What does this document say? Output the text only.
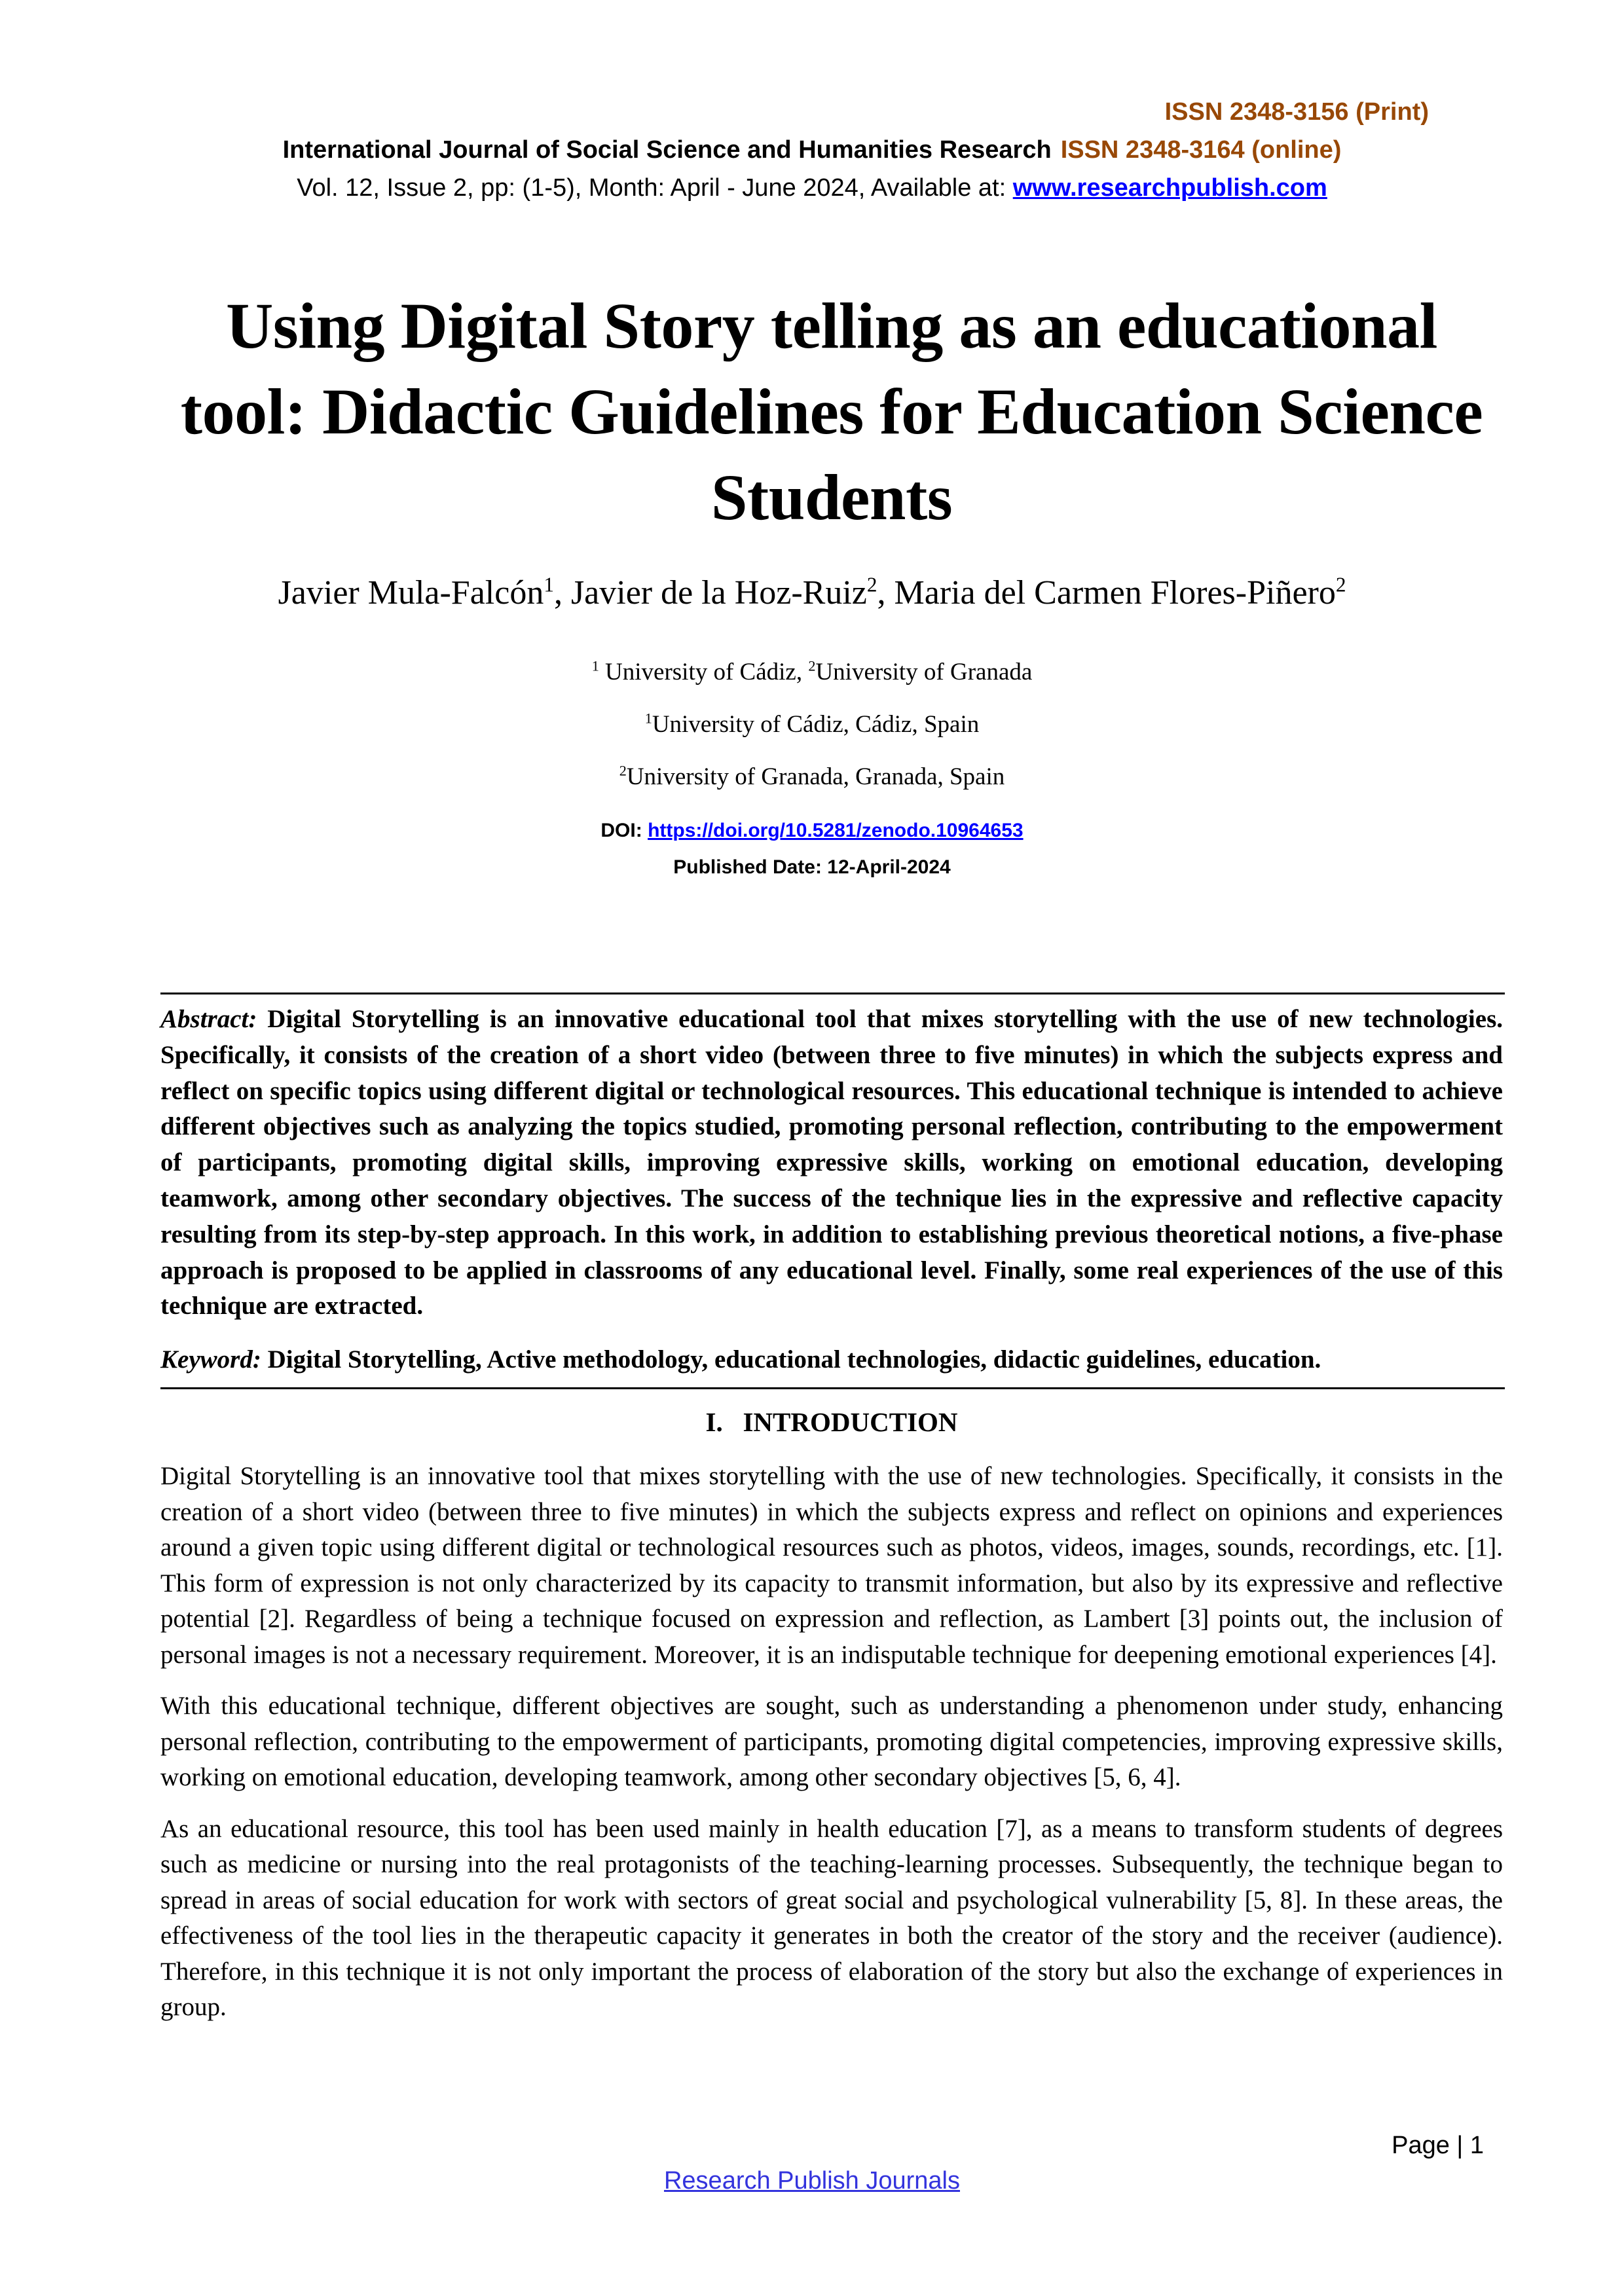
ISSN 2348-3156 (Print)
International Journal of Social Science and Humanities Research ISSN 2348-3164 (online)
Vol. 12, Issue 2, pp: (1-5), Month: April - June 2024, Available at: www.researchpublish.com
Using Digital Story telling as an educational tool: Didactic Guidelines for Education Science Students
Javier Mula-Falcón$^1$, Javier de la Hoz-Ruiz$^2$, Maria del Carmen Flores-Piñero$^2$
$^1$ University of Cádiz, $^2$University of Granada
$^1$University of Cádiz, Cádiz, Spain
$^2$University of Granada, Granada, Spain
DOI: https://doi.org/10.5281/zenodo.10964653
Published Date: 12-April-2024
Abstract: Digital Storytelling is an innovative educational tool that mixes storytelling with the use of new technologies. Specifically, it consists of the creation of a short video (between three to five minutes) in which the subjects express and reflect on specific topics using different digital or technological resources. This educational technique is intended to achieve different objectives such as analyzing the topics studied, promoting personal reflection, contributing to the empowerment of participants, promoting digital skills, improving expressive skills, working on emotional education, developing teamwork, among other secondary objectives. The success of the technique lies in the expressive and reflective capacity resulting from its step-by-step approach. In this work, in addition to establishing previous theoretical notions, a five-phase approach is proposed to be applied in classrooms of any educational level. Finally, some real experiences of the use of this technique are extracted.
Keyword: Digital Storytelling, Active methodology, educational technologies, didactic guidelines, education.
I.   INTRODUCTION

Digital Storytelling is an innovative tool that mixes storytelling with the use of new technologies. Specifically, it consists in the creation of a short video (between three to five minutes) in which the subjects express and reflect on opinions and experiences around a given topic using different digital or technological resources such as photos, videos, images, sounds, recordings, etc. [1]. This form of expression is not only characterized by its capacity to transmit information, but also by its expressive and reflective potential [2]. Regardless of being a technique focused on expression and reflection, as Lambert [3] points out, the inclusion of personal images is not a necessary requirement. Moreover, it is an indisputable technique for deepening emotional experiences [4].

With this educational technique, different objectives are sought, such as understanding a phenomenon under study, enhancing personal reflection, contributing to the empowerment of participants, promoting digital competencies, improving expressive skills, working on emotional education, developing teamwork, among other secondary objectives [5, 6, 4].

As an educational resource, this tool has been used mainly in health education [7], as a means to transform students of degrees such as medicine or nursing into the real protagonists of the teaching-learning processes. Subsequently, the technique began to spread in areas of social education for work with sectors of great social and psychological vulnerability [5, 8]. In these areas, the effectiveness of the tool lies in the therapeutic capacity it generates in both the creator of the story and the receiver (audience). Therefore, in this technique it is not only important the process of elaboration of the story but also the exchange of experiences in group.

Page | 1
Research Publish Journals
